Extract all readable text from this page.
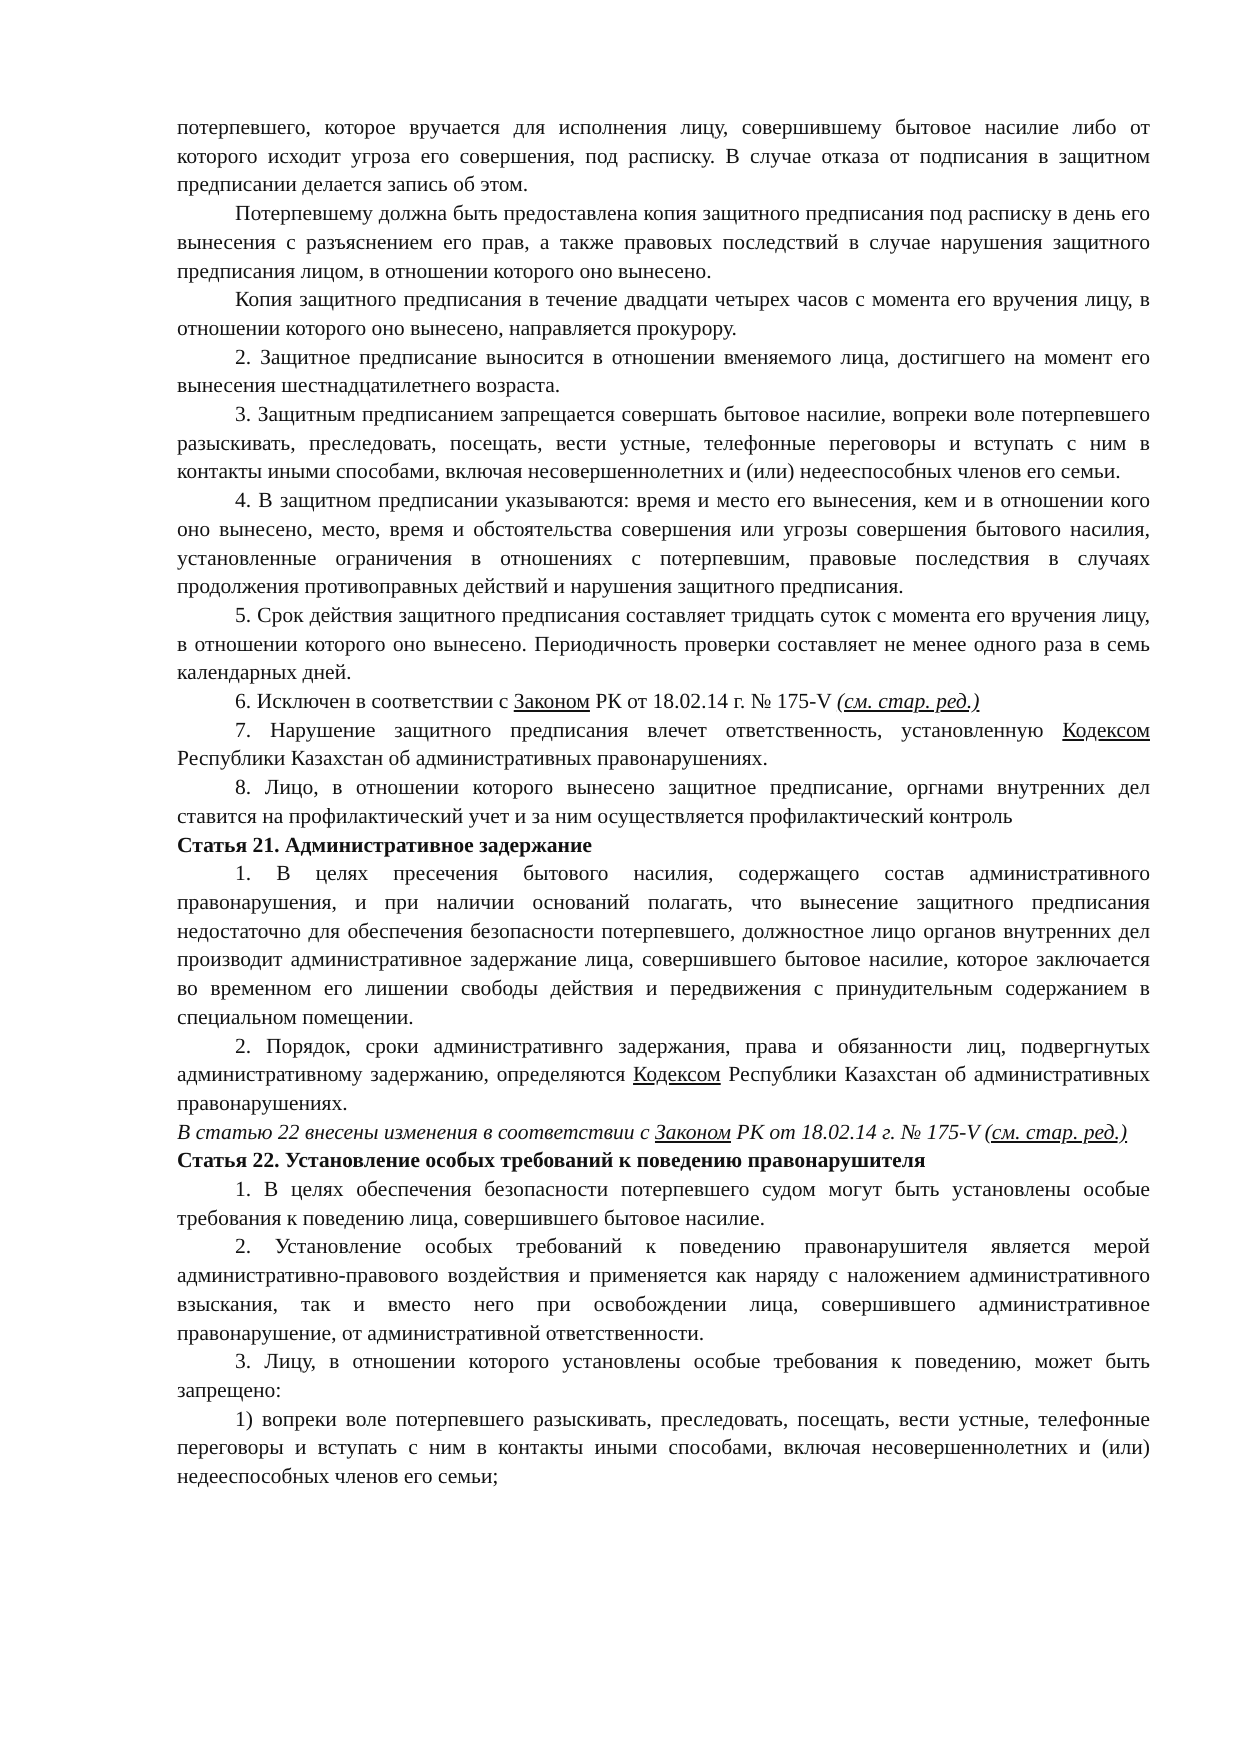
потерпевшего, которое вручается для исполнения лицу, совершившему бытовое насилие либо от которого исходит угроза его совершения, под расписку. В случае отказа от подписания в защитном предписании делается запись об этом.

Потерпевшему должна быть предоставлена копия защитного предписания под расписку в день его вынесения с разъяснением его прав, а также правовых последствий в случае нарушения защитного предписания лицом, в отношении которого оно вынесено.

Копия защитного предписания в течение двадцати четырех часов с момента его вручения лицу, в отношении которого оно вынесено, направляется прокурору.

2. Защитное предписание выносится в отношении вменяемого лица, достигшего на момент его вынесения шестнадцатилетнего возраста.

3. Защитным предписанием запрещается совершать бытовое насилие, вопреки воле потерпевшего разыскивать, преследовать, посещать, вести устные, телефонные переговоры и вступать с ним в контакты иными способами, включая несовершеннолетних и (или) недееспособных членов его семьи.

4. В защитном предписании указываются: время и место его вынесения, кем и в отношении кого оно вынесено, место, время и обстоятельства совершения или угрозы совершения бытового насилия, установленные ограничения в отношениях с потерпевшим, правовые последствия в случаях продолжения противоправных действий и нарушения защитного предписания.

5. Срок действия защитного предписания составляет тридцать суток с момента его вручения лицу, в отношении которого оно вынесено. Периодичность проверки составляет не менее одного раза в семь календарных дней.

6. Исключен в соответствии с Законом РК от 18.02.14 г. № 175-V (см. стар. ред.)

7. Нарушение защитного предписания влечет ответственность, установленную Кодексом Республики Казахстан об административных правонарушениях.

8. Лицо, в отношении которого вынесено защитное предписание, оргнами внутренних дел ставится на профилактический учет и за ним осуществляется профилактический контроль

Статья 21. Административное задержание

1. В целях пресечения бытового насилия, содержащего состав административного правонарушения, и при наличии оснований полагать, что вынесение защитного предписания недостаточно для обеспечения безопасности потерпевшего, должностное лицо органов внутренних дел производит административное задержание лица, совершившего бытовое насилие, которое заключается во временном его лишении свободы действия и передвижения с принудительным содержанием в специальном помещении.

2. Порядок, сроки административнго задержания, права и обязанности лиц, подвергнутых административному задержанию, определяются Кодексом Республики Казахстан об административных правонарушениях.

В статью 22 внесены изменения в соответствии с Законом РК от 18.02.14 г. № 175-V (см. стар. ред.)

Статья 22. Установление особых требований к поведению правонарушителя

1. В целях обеспечения безопасности потерпевшего судом могут быть установлены особые требования к поведению лица, совершившего бытовое насилие.

2. Установление особых требований к поведению правонарушителя является мерой административно-правового воздействия и применяется как наряду с наложением административного взыскания, так и вместо него при освобождении лица, совершившего административное правонарушение, от административной ответственности.

3. Лицу, в отношении которого установлены особые требования к поведению, может быть запрещено:

1) вопреки воле потерпевшего разыскивать, преследовать, посещать, вести устные, телефонные переговоры и вступать с ним в контакты иными способами, включая несовершеннолетних и (или) недееспособных членов его семьи;
